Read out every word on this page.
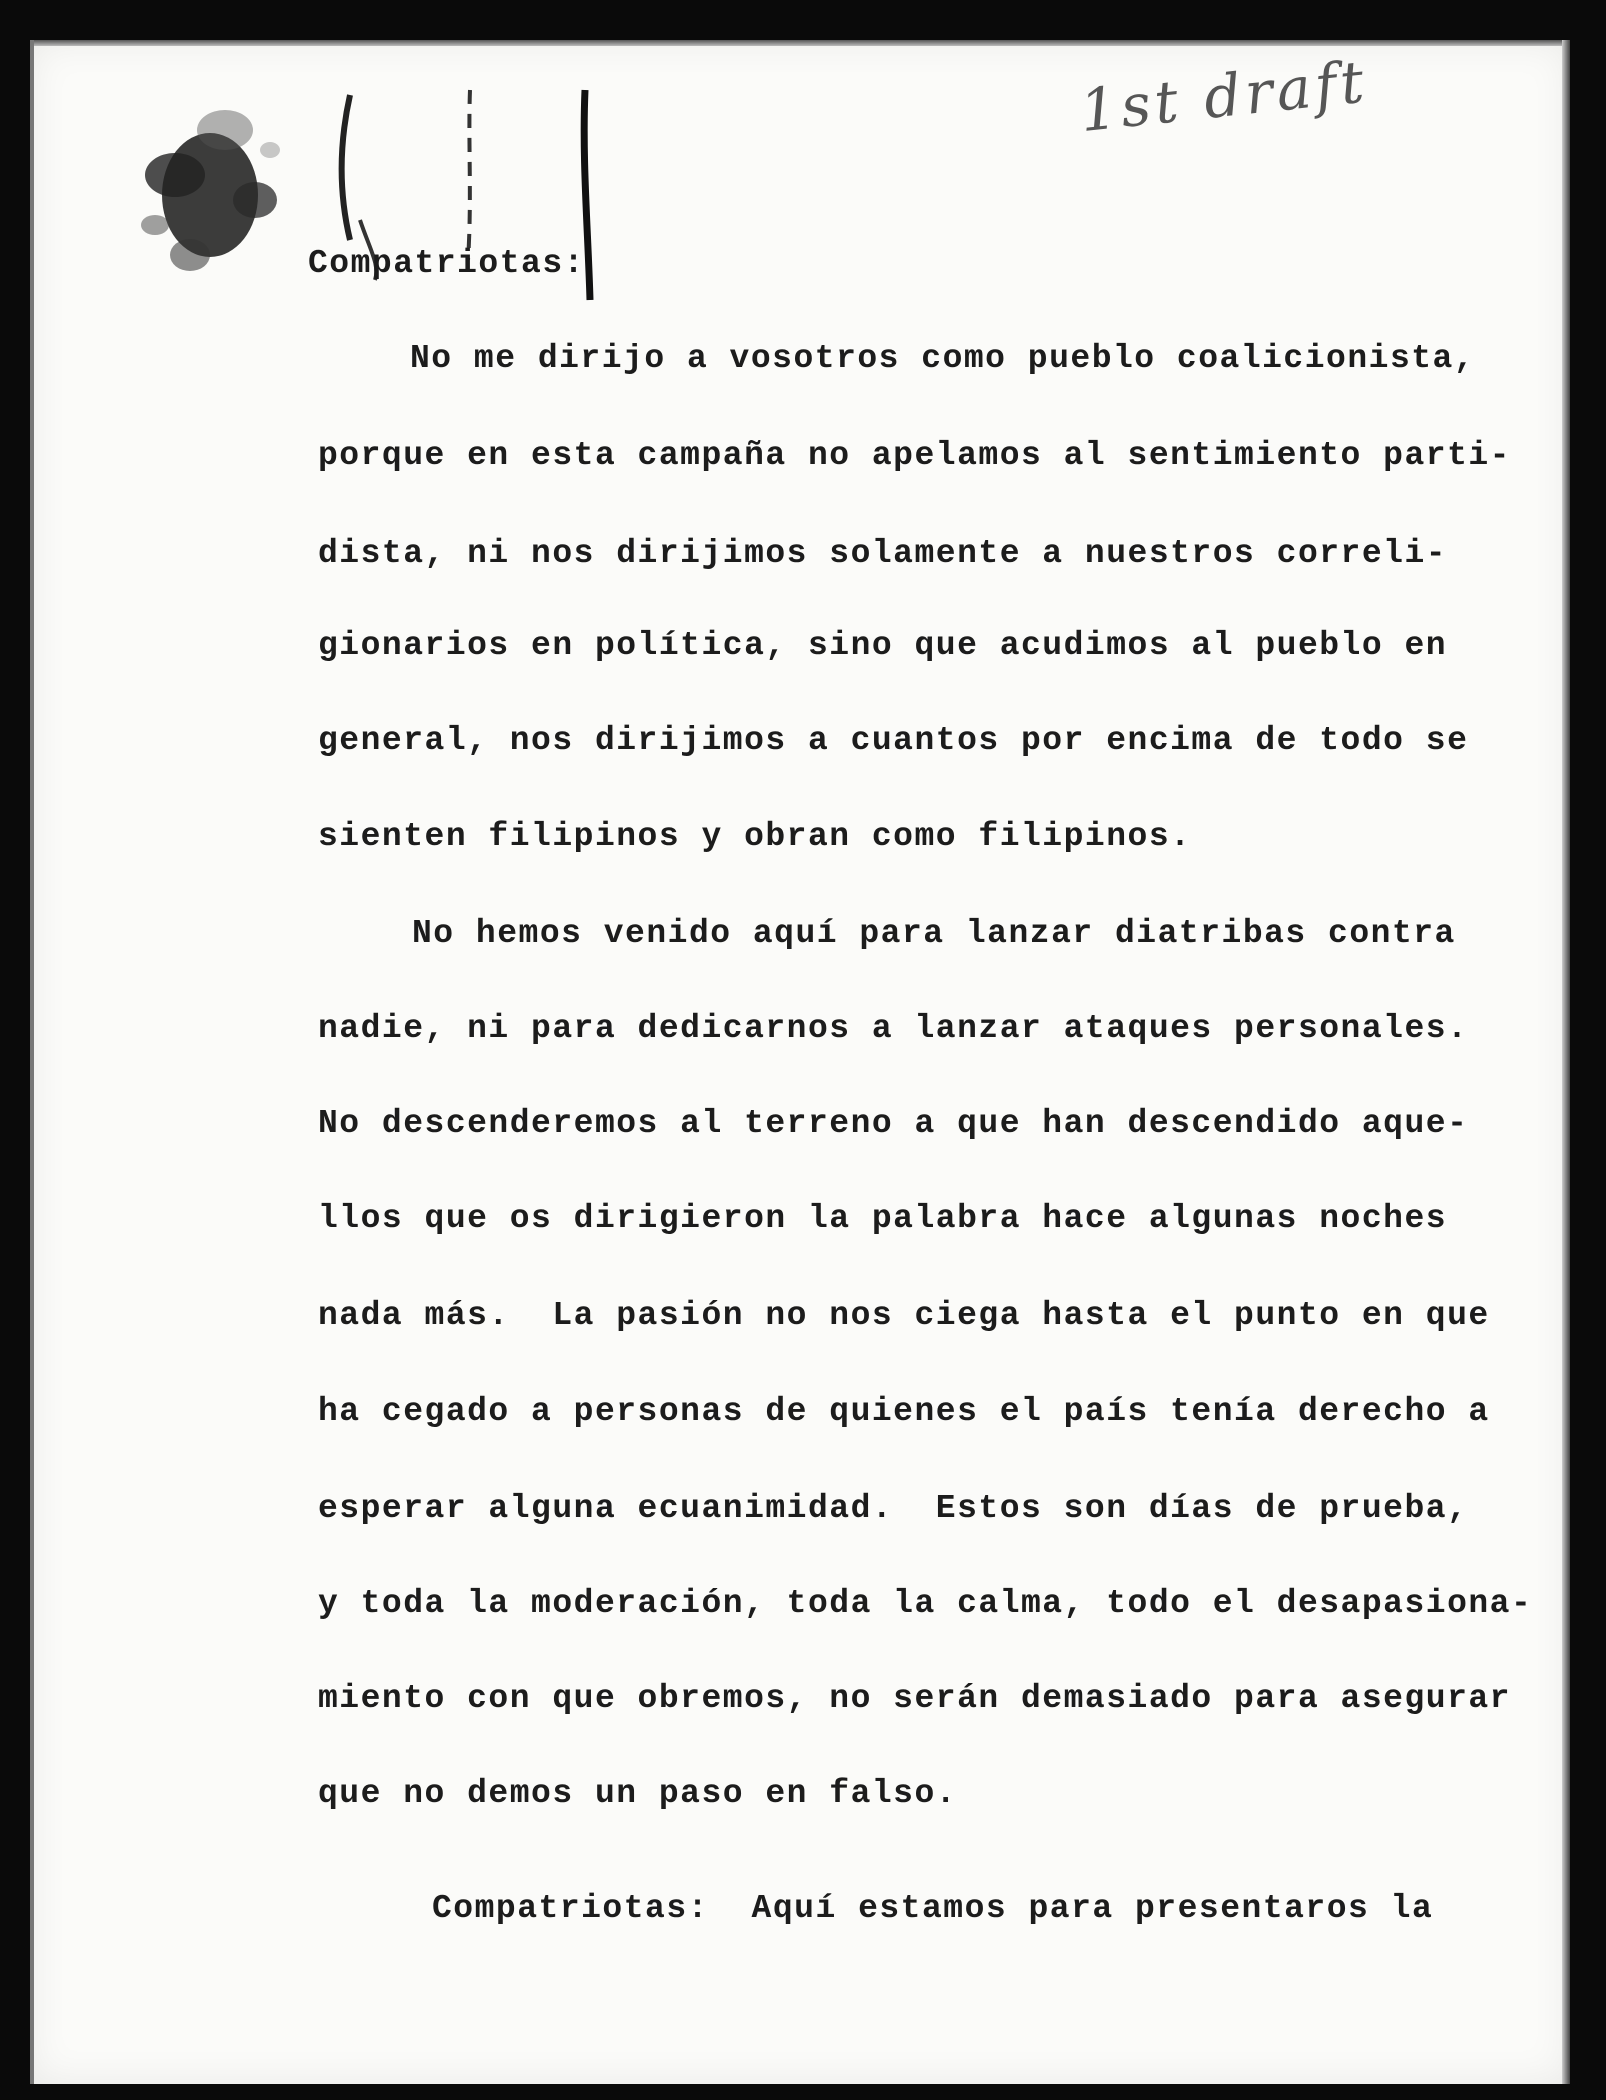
1st draft
Compatriotas:
No me dirijo a vosotros como pueblo coalicionista,
porque en esta campaña no apelamos al sentimiento parti-
dista, ni nos dirijimos solamente a nuestros correli-
gionarios en política, sino que acudimos al pueblo en
general, nos dirijimos a cuantos por encima de todo se
sienten filipinos y obran como filipinos.
No hemos venido aquí para lanzar diatribas contra
nadie, ni para dedicarnos a lanzar ataques personales.
No descenderemos al terreno a que han descendido aque-
llos que os dirigieron la palabra hace algunas noches
nada más.  La pasión no nos ciega hasta el punto en que
ha cegado a personas de quienes el país tenía derecho a
esperar alguna ecuanimidad.  Estos son días de prueba,
y toda la moderación, toda la calma, todo el desapasiona-
miento con que obremos, no serán demasiado para asegurar
que no demos un paso en falso.
Compatriotas:  Aquí estamos para presentaros la
